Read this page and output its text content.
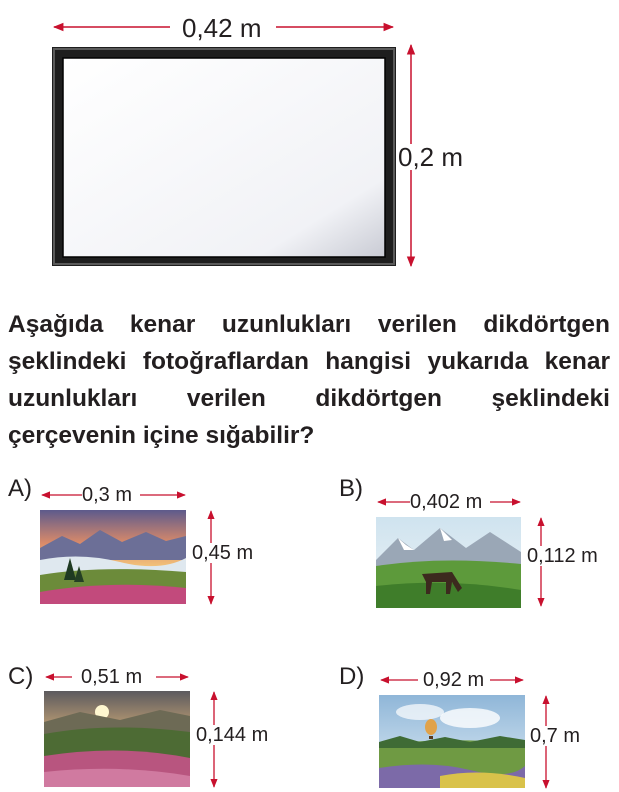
0,42 m
0,2 m
Aşağıda kenar uzunlukları verilen dikdörtgen şeklindeki fotoğraflardan hangisi yukarıda kenar uzunlukları verilen dikdörtgen şeklindeki çerçevenin içine sığabilir?
A)	0,3 m
0,45 m
B) 0,402 m
0,112 m
C) 0,51 m
0,144 m
D)	0,92 m
0,7 m
